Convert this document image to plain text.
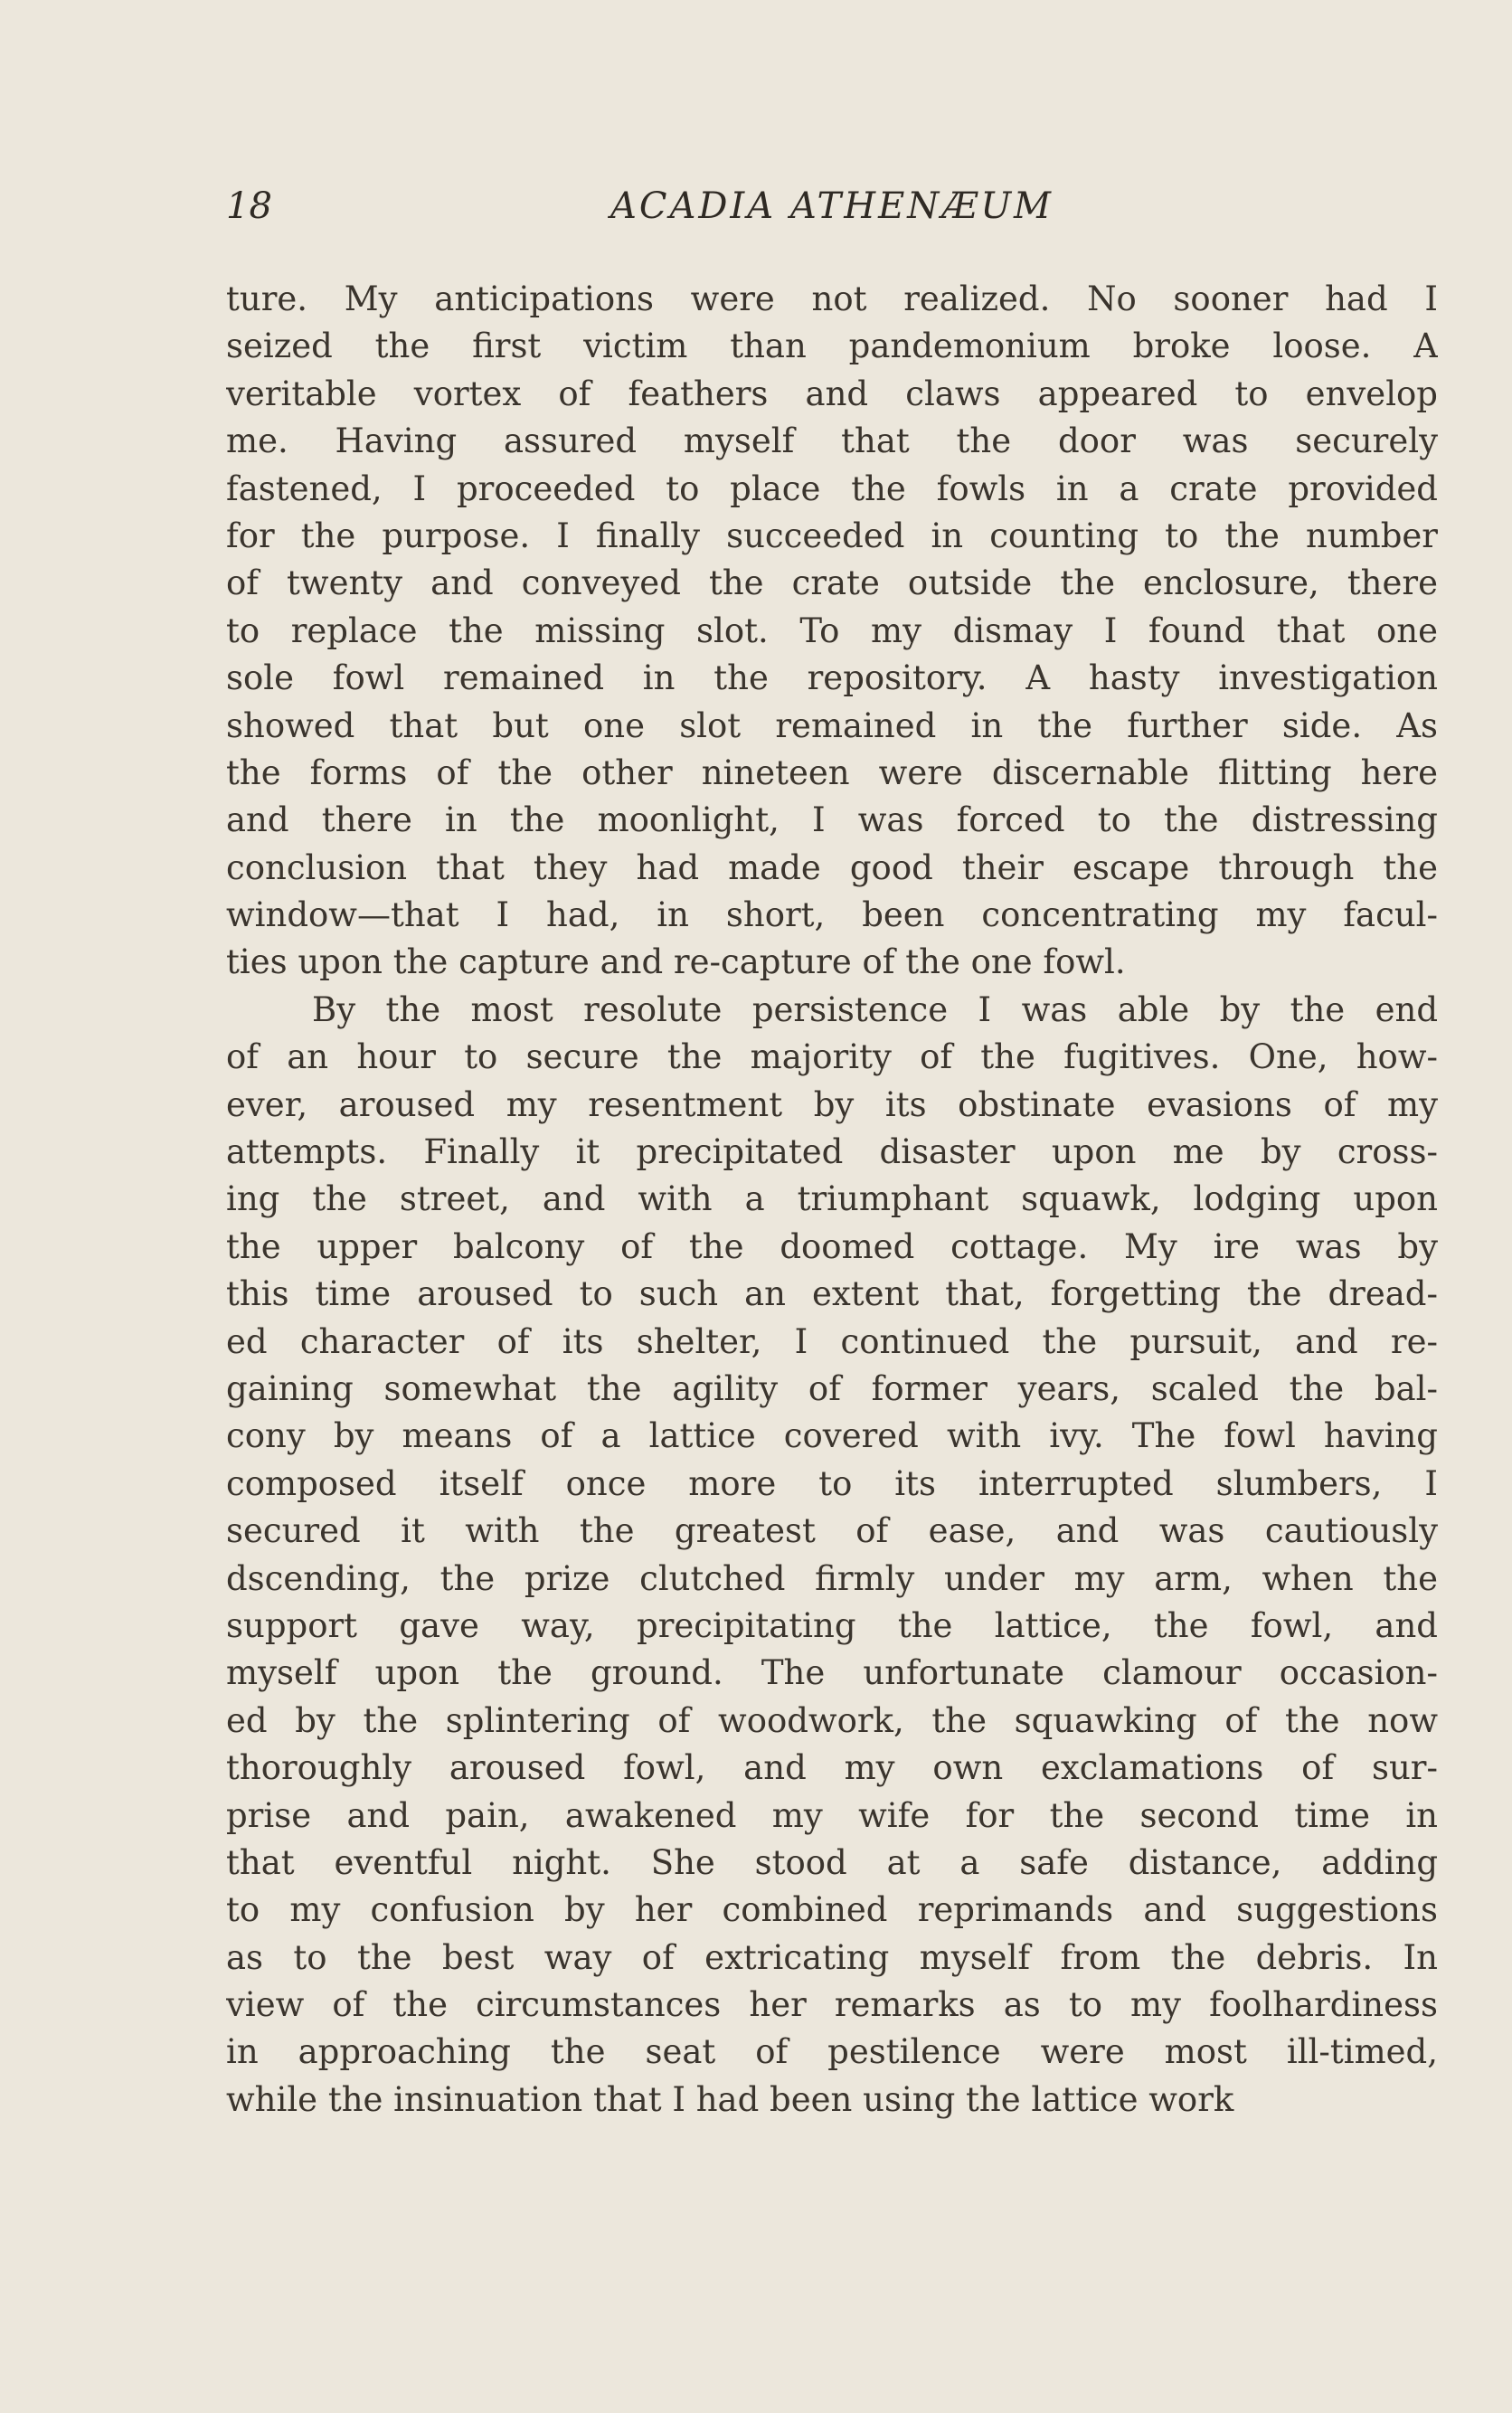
18	ACADIA ATHENÆUM
ture. My anticipations were not realized. No sooner had I
seized the first victim than pandemonium broke loose. A
veritable vortex of feathers and claws appeared to envelop
me. Having assured myself that the door was securely
fastened, I proceeded to place the fowls in a crate provided
for the purpose. I finally succeeded in counting to the number
of twenty and conveyed the crate outside the enclosure, there
to replace the missing slot. To my dismay I found that one
sole fowl remained in the repository. A hasty investigation
showed that but one slot remained in the further side. As
the forms of the other nineteen were discernable flitting here
and there in the moonlight, I was forced to the distressing
conclusion that they had made good their escape through the
window—that I had, in short, been concentrating my facul-
ties upon the capture and re-capture of the one fowl.
By the most resolute persistence I was able by the end
of an hour to secure the majority of the fugitives. One, how-
ever, aroused my resentment by its obstinate evasions of my
attempts. Finally it precipitated disaster upon me by cross-
ing the street, and with a triumphant squawk, lodging upon
the upper balcony of the doomed cottage. My ire was by
this time aroused to such an extent that, forgetting the dread-
ed character of its shelter, I continued the pursuit, and re-
gaining somewhat the agility of former years, scaled the bal-
cony by means of a lattice covered with ivy. The fowl having
composed itself once more to its interrupted slumbers, I
secured it with the greatest of ease, and was cautiously
dscending, the prize clutched firmly under my arm, when the
support gave way, precipitating the lattice, the fowl, and
myself upon the ground. The unfortunate clamour occasion-
ed by the splintering of woodwork, the squawking of the now
thoroughly aroused fowl, and my own exclamations of sur-
prise and pain, awakened my wife for the second time in
that eventful night. She stood at a safe distance, adding
to my confusion by her combined reprimands and suggestions
as to the best way of extricating myself from the debris. In
view of the circumstances her remarks as to my foolhardiness
in approaching the seat of pestilence were most ill-timed,
while the insinuation that I had been using the lattice work
